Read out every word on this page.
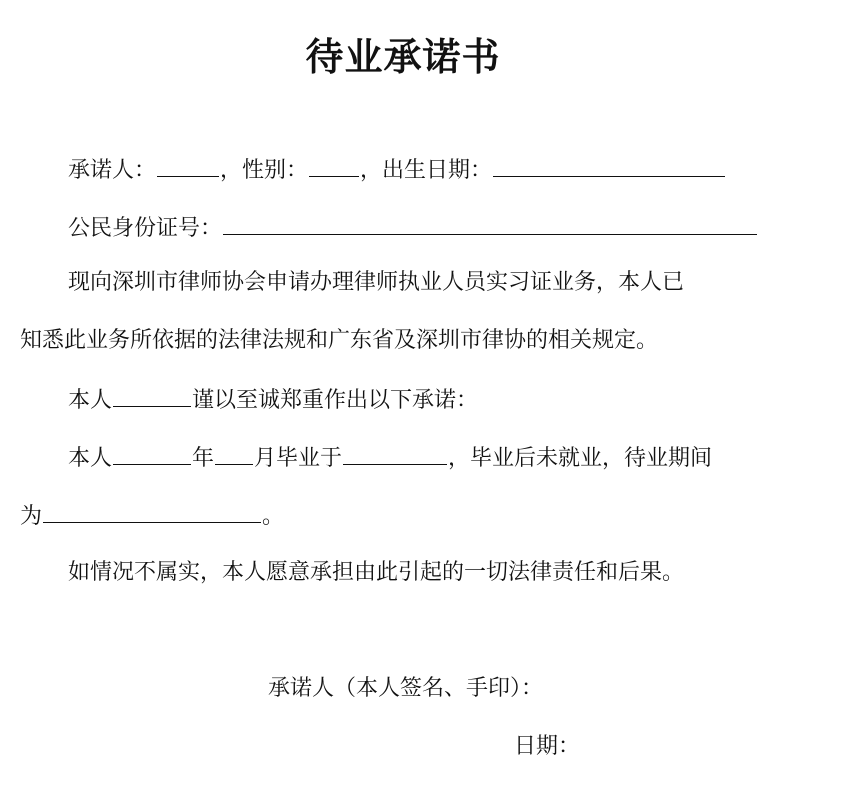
待业承诺书
承诺人：	，性别： ，出生日期：
公民身份证号：
现向深圳市律师协会申请办理律师执业人员实习证业务，本人已
知悉此业务所依据的法律法规和广东省及深圳市律协的相关规定。
本人	谨以至诚郑重作出以下承诺：
本人	年 月毕业于	，毕业后未就业，待业期间
为	。
如情况不属实，本人愿意承担由此引起的一切法律责任和后果。
承诺人（本人签名、手印）：
日期：
